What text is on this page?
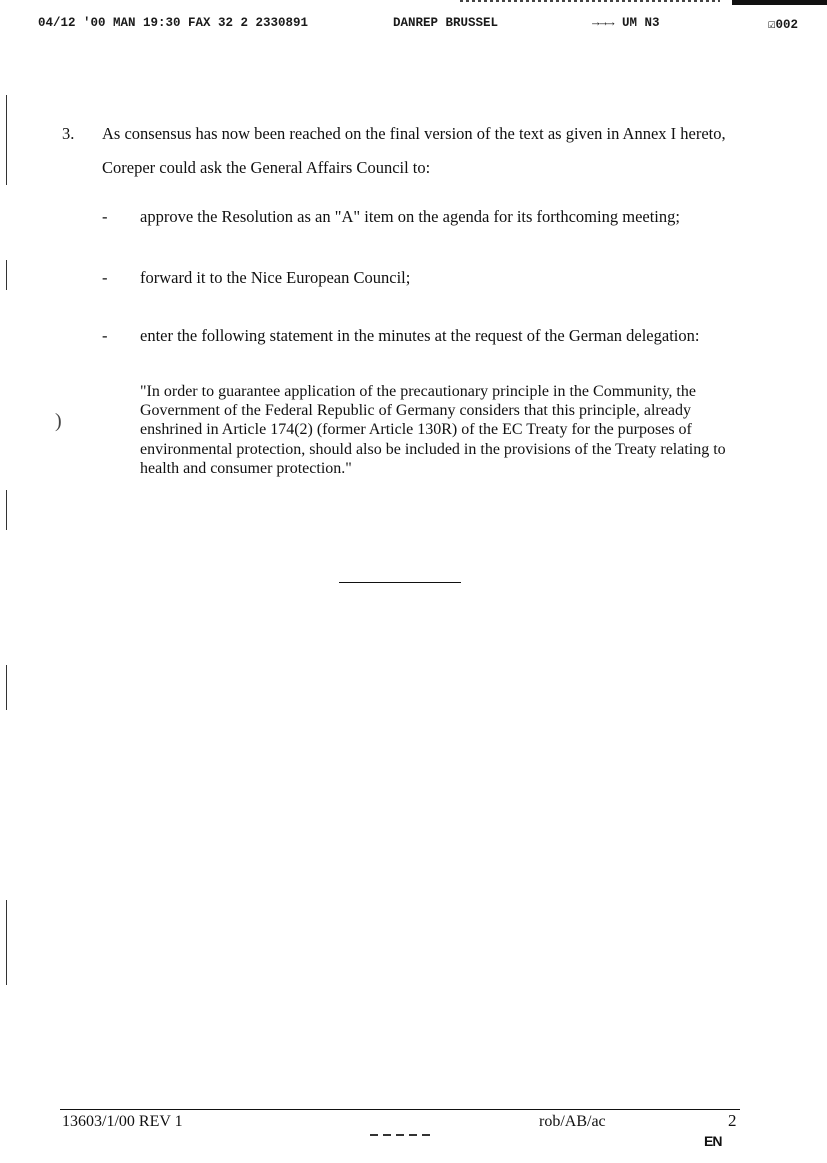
04/12 '00 MAN 19:30 FAX 32 2 2330891	DANREP BRUSSEL	→→→ UM N3	☑002
)
3. As consensus has now been reached on the final version of the text as given in Annex I hereto, Coreper could ask the General Affairs Council to:
- approve the Resolution as an "A" item on the agenda for its forthcoming meeting;
- forward it to the Nice European Council;
- enter the following statement in the minutes at the request of the German delegation:
"In order to guarantee application of the precautionary principle in the Community, the Government of the Federal Republic of Germany considers that this principle, already enshrined in Article 174(2) (former Article 130R) of the EC Treaty for the purposes of environmental protection, should also be included in the provisions of the Treaty relating to health and consumer protection."
13603/1/00 REV 1	rob/AB/ac	2
EN
